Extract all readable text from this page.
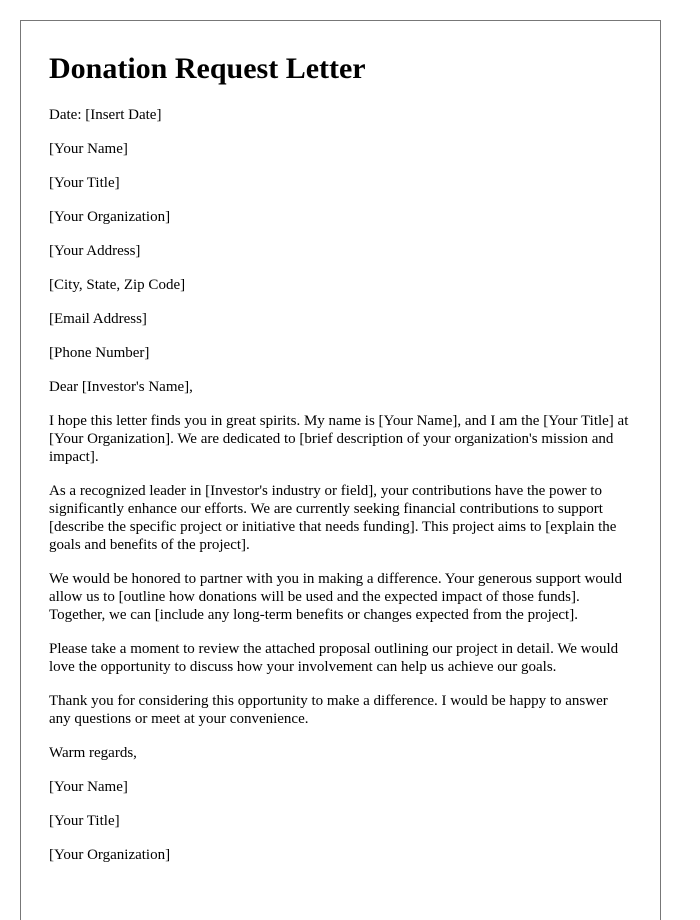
Donation Request Letter

Date: [Insert Date]

[Your Name]

[Your Title]

[Your Organization]

[Your Address]

[City, State, Zip Code]

[Email Address]

[Phone Number]

Dear [Investor's Name],

I hope this letter finds you in great spirits. My name is [Your Name], and I am the [Your Title] at [Your Organization]. We are dedicated to [brief description of your organization's mission and impact].

As a recognized leader in [Investor's industry or field], your contributions have the power to significantly enhance our efforts. We are currently seeking financial contributions to support [describe the specific project or initiative that needs funding]. This project aims to [explain the goals and benefits of the project].

We would be honored to partner with you in making a difference. Your generous support would allow us to [outline how donations will be used and the expected impact of those funds]. Together, we can [include any long-term benefits or changes expected from the project].

Please take a moment to review the attached proposal outlining our project in detail. We would love the opportunity to discuss how your involvement can help us achieve our goals.

Thank you for considering this opportunity to make a difference. I would be happy to answer any questions or meet at your convenience.

Warm regards,

[Your Name]

[Your Title]

[Your Organization]
